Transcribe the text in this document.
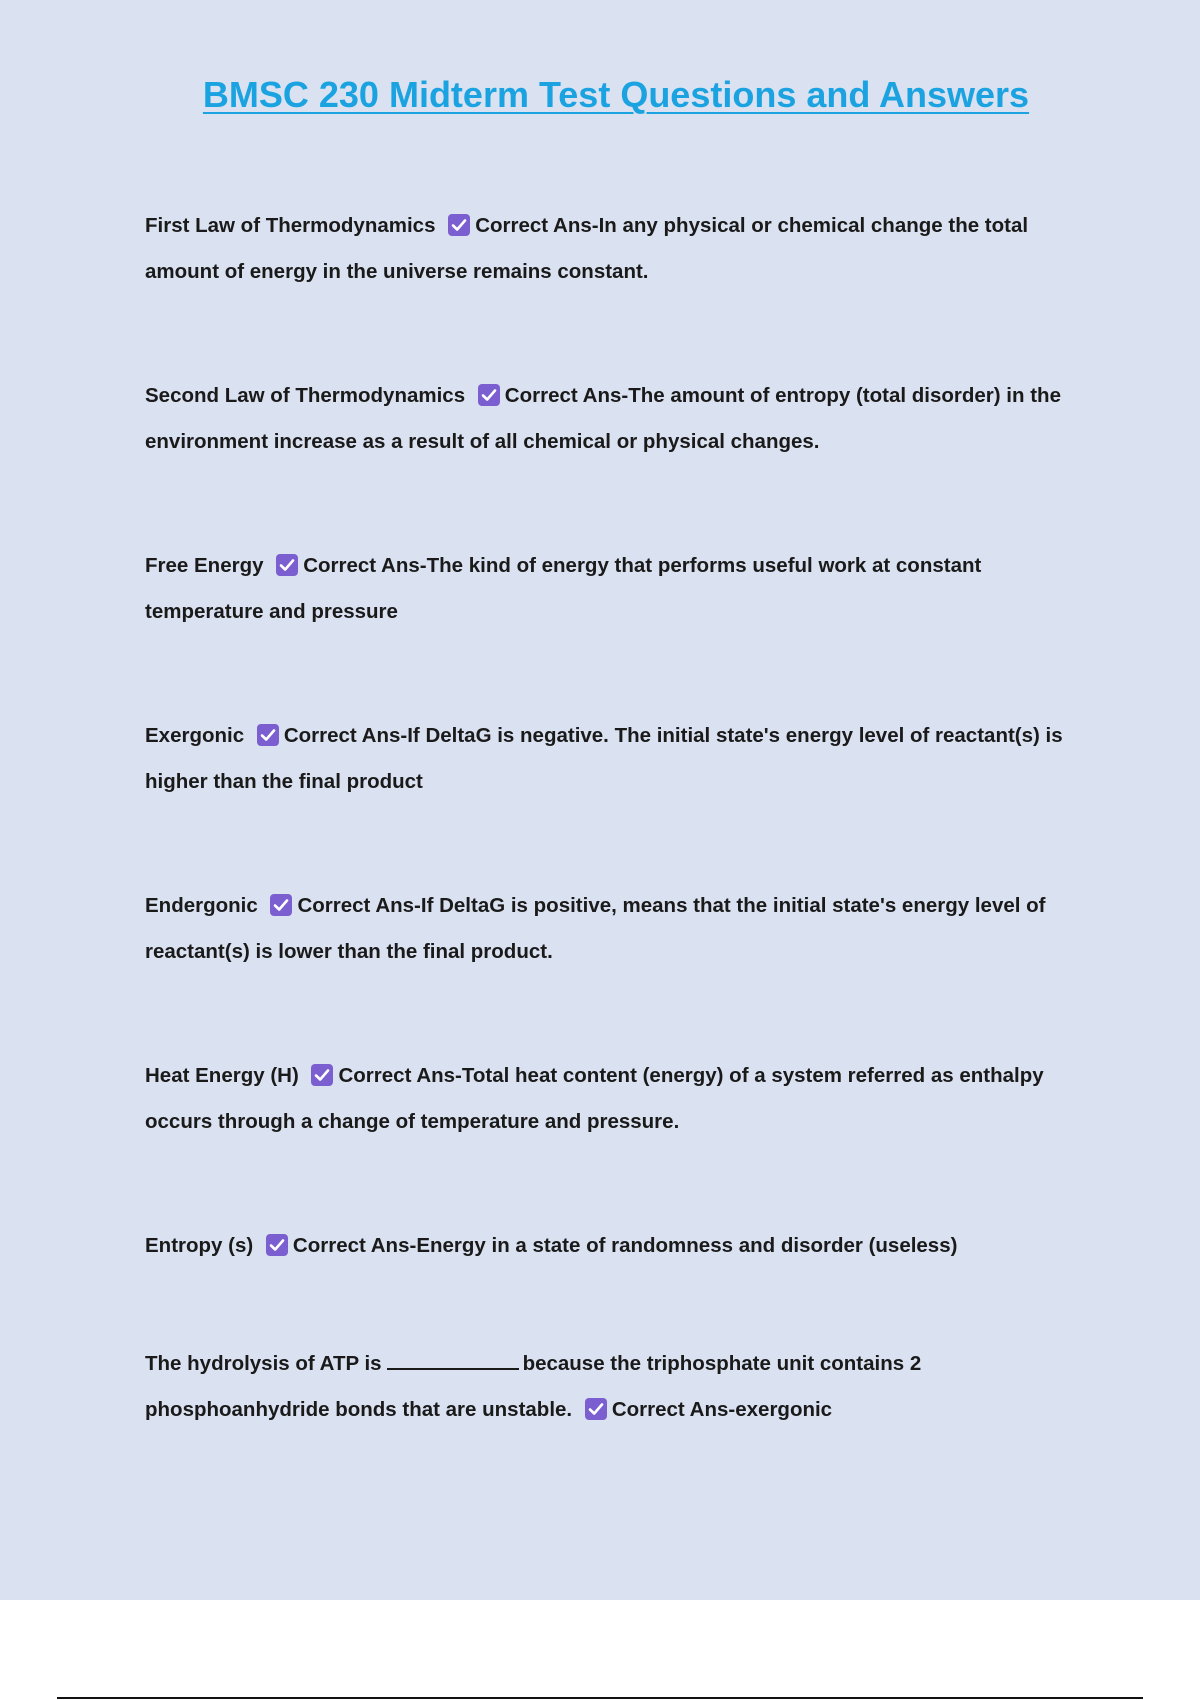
BMSC 230 Midterm Test Questions and Answers
First Law of Thermodynamics Correct Ans-In any physical or chemical change the total amount of energy in the universe remains constant.
Second Law of Thermodynamics Correct Ans-The amount of entropy (total disorder) in the environment increase as a result of all chemical or physical changes.
Free Energy Correct Ans-The kind of energy that performs useful work at constant temperature and pressure
Exergonic Correct Ans-If DeltaG is negative. The initial state's energy level of reactant(s) is higher than the final product
Endergonic Correct Ans-If DeltaG is positive, means that the initial state's energy level of reactant(s) is lower than the final product.
Heat Energy (H) Correct Ans-Total heat content (energy) of a system referred as enthalpy occurs through a change of temperature and pressure.
Entropy (s) Correct Ans-Energy in a state of randomness and disorder (useless)
The hydrolysis of ATP is	because the triphosphate unit contains 2 phosphoanhydride bonds that are unstable. Correct Ans-exergonic
